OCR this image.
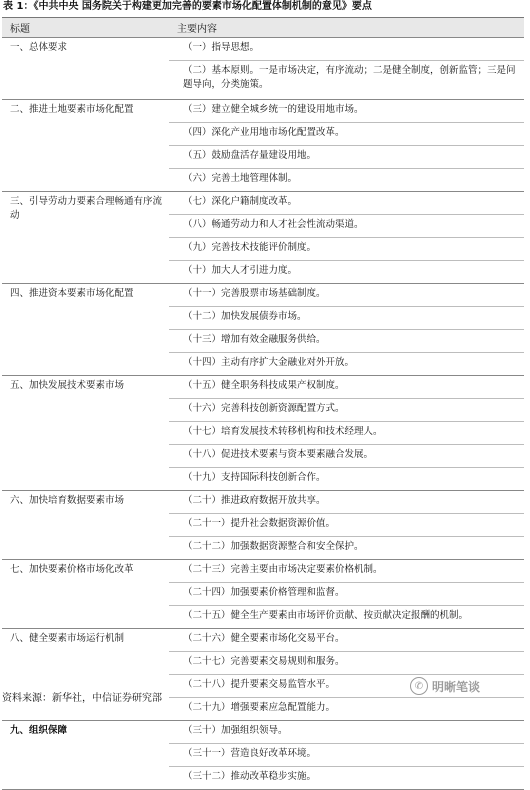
表 1：《中共中央 国务院关于构建更加完善的要素市场化配置体制机制的意见》要点
标题	主要内容
一、总体要求	（一）指导思想。
	（二）基本原则。一是市场决定，有序流动；二是健全制度，创新监管；三是问题导向，分类施策。
二、推进土地要素市场化配置	（三）建立健全城乡统一的建设用地市场。
	（四）深化产业用地市场化配置改革。
	（五）鼓励盘活存量建设用地。
	（六）完善土地管理体制。
三、引导劳动力要素合理畅通有序流动	（七）深化户籍制度改革。
	（八）畅通劳动力和人才社会性流动渠道。
	（九）完善技术技能评价制度。
	（十）加大人才引进力度。
四、推进资本要素市场化配置	（十一）完善股票市场基础制度。
	（十二）加快发展债券市场。
	（十三）增加有效金融服务供给。
	（十四）主动有序扩大金融业对外开放。
五、加快发展技术要素市场	（十五）健全职务科技成果产权制度。
	（十六）完善科技创新资源配置方式。
	（十七）培育发展技术转移机构和技术经理人。
	（十八）促进技术要素与资本要素融合发展。
	（十九）支持国际科技创新合作。
六、加快培育数据要素市场	（二十）推进政府数据开放共享。
	（二十一）提升社会数据资源价值。
	（二十二）加强数据资源整合和安全保护。
七、加快要素价格市场化改革	（二十三）完善主要由市场决定要素价格机制。
	（二十四）加强要素价格管理和监督。
	（二十五）健全生产要素由市场评价贡献、按贡献决定报酬的机制。
八、健全要素市场运行机制	（二十六）健全要素市场化交易平台。
	（二十七）完善要素交易规则和服务。
	（二十八）提升要素交易监管水平。
	（二十九）增强要素应急配置能力。
九、组织保障	（三十）加强组织领导。
	（三十一）营造良好改革环境。
	（三十二）推动改革稳步实施。
✆ 明晰笔谈
资料来源：新华社，中信证券研究部
